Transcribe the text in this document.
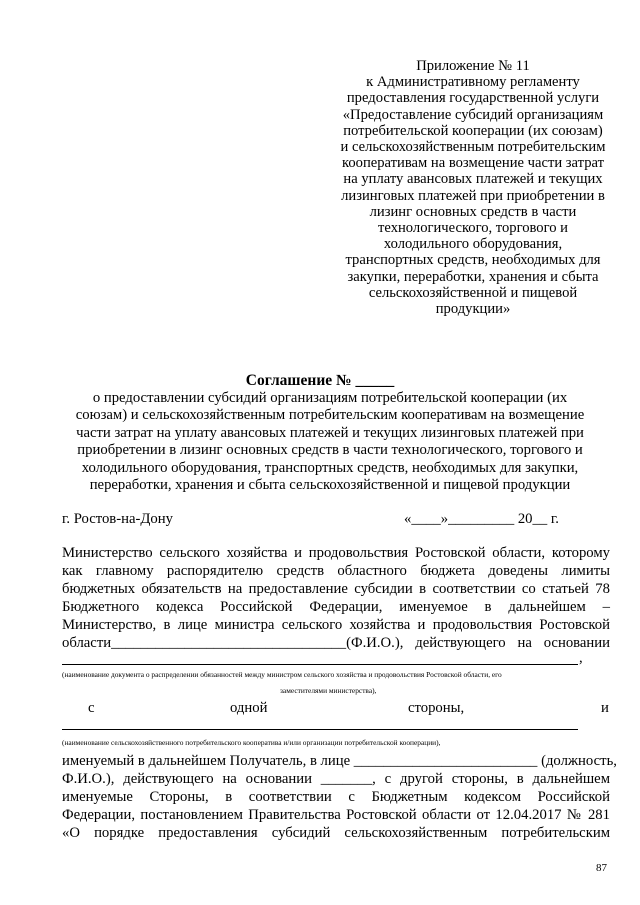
Приложение № 11
к Административному регламенту
предоставления государственной услуги
«Предоставление субсидий организациям
потребительской кооперации (их союзам)
и сельскохозяйственным потребительским
кооперативам на возмещение части затрат
на уплату авансовых платежей и текущих
лизинговых платежей при приобретении в
лизинг основных средств в части
технологического, торгового и
холодильного оборудования,
транспортных средств, необходимых для
закупки, переработки, хранения и сбыта
сельскохозяйственной и пищевой
продукции»
Соглашение № _____
о предоставлении субсидий организациям потребительской кооперации (их
союзам) и сельскохозяйственным потребительским кооперативам на возмещение
части затрат на уплату авансовых платежей и текущих лизинговых платежей при
приобретении в лизинг основных средств в части технологического, торгового и
холодильного оборудования, транспортных средств, необходимых для закупки,
переработки, хранения и сбыта сельскохозяйственной и пищевой продукции
г. Ростов-на-Дону	«____»_________ 20__ г.
Министерство сельского хозяйства и продовольствия Ростовской области, которому
как главному распорядителю средств областного бюджета доведены лимиты
бюджетных обязательств на предоставление субсидии в соответствии со статьей 78
Бюджетного кодекса Российской Федерации, именуемое в дальнейшем –
Министерство, в лице министра сельского хозяйства и продовольствия Ростовской
области________________________________(Ф.И.О.), действующего на основании
,
(наименование документа о распределении обязанностей между министром сельского хозяйства и продовольствия Ростовской области, его
заместителями министерства),
с	одной	стороны,	и
(наименование сельскохозяйственного потребительского кооператива и/или организации потребительской кооперации),
именуемый в дальнейшем Получатель, в лице _________________________ (должность,
Ф.И.О.), действующего на основании _______, с другой стороны, в дальнейшем
именуемые Стороны, в соответствии с Бюджетным кодексом Российской
Федерации, постановлением Правительства Ростовской области от 12.04.2017 № 281
«О порядке предоставления субсидий сельскохозяйственным потребительским
87
